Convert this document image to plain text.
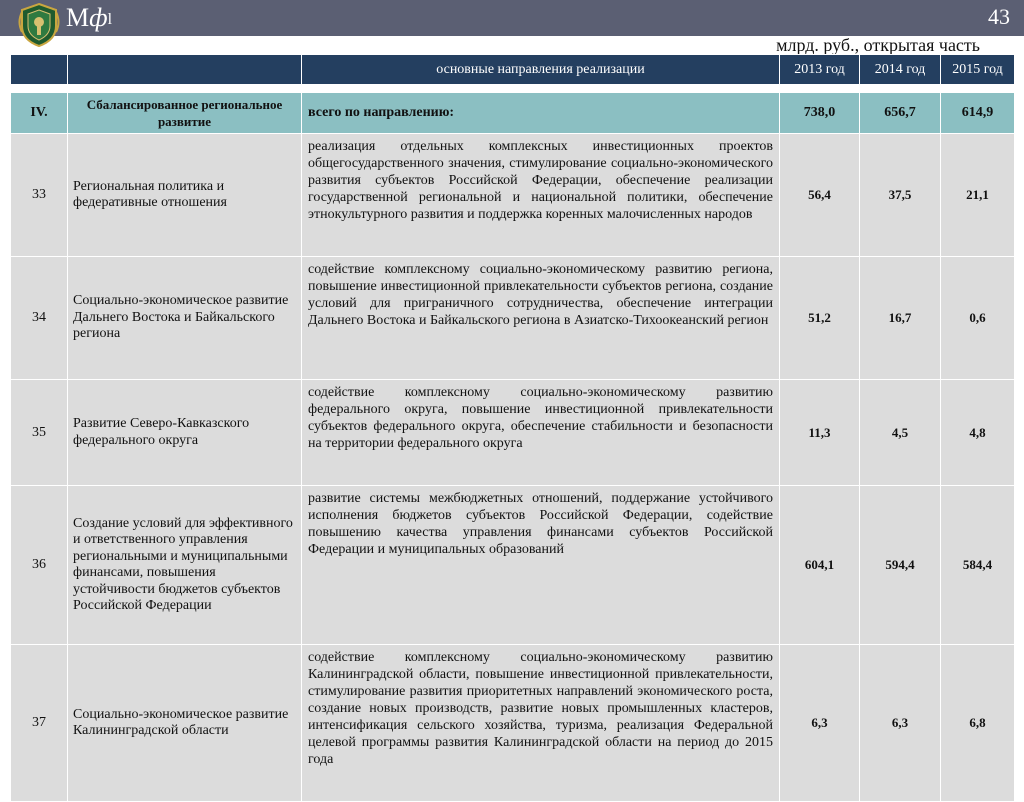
Мфl	43
млрд. руб., открытая часть
		основные направления реализации	2013 год	2014 год	2015 год

IV.	Сбалансированное региональное развитие	всего по направлению:	738,0	656,7	614,9
33	Региональная политика и федеративные отношения	реализация отдельных комплексных инвестиционных проектов общегосударственного значения, стимулирование социально-экономического развития субъектов Российской Федерации, обеспечение реализации государственной региональной и национальной политики, обеспечение этнокультурного развития и поддержка коренных малочисленных народов	56,4	37,5	21,1
34	Социально-экономическое развитие Дальнего Востока и Байкальского региона	содействие комплексному социально-экономическому развитию региона, повышение инвестиционной привлекательности субъектов региона, создание условий для приграничного сотрудничества, обеспечение интеграции Дальнего Востока и Байкальского региона в Азиатско-Тихоокеанский регион	51,2	16,7	0,6
35	Развитие Северо-Кавказского федерального округа	содействие комплексному социально-экономическому развитию федерального округа, повышение инвестиционной привлекательности субъектов федерального округа, обеспечение стабильности и безопасности на территории федерального округа	11,3	4,5	4,8
36	Создание условий для эффективного и ответственного управления региональными и муниципальными финансами, повышения устойчивости бюджетов субъектов Российской Федерации	развитие системы межбюджетных отношений, поддержание устойчивого исполнения бюджетов субъектов Российской Федерации, содействие повышению качества управления финансами субъектов Российской Федерации и муниципальных образований	604,1	594,4	584,4
37	Социально-экономическое развитие Калининградской области	содействие комплексному социально-экономическому развитию Калининградской области, повышение инвестиционной привлекательности, стимулирование развития приоритетных направлений экономического роста, создание новых производств, развитие новых промышленных кластеров, интенсификация сельского хозяйства, туризма, реализация Федеральной целевой программы развития Калининградской области на период до 2015 года	6,3	6,3	6,8
